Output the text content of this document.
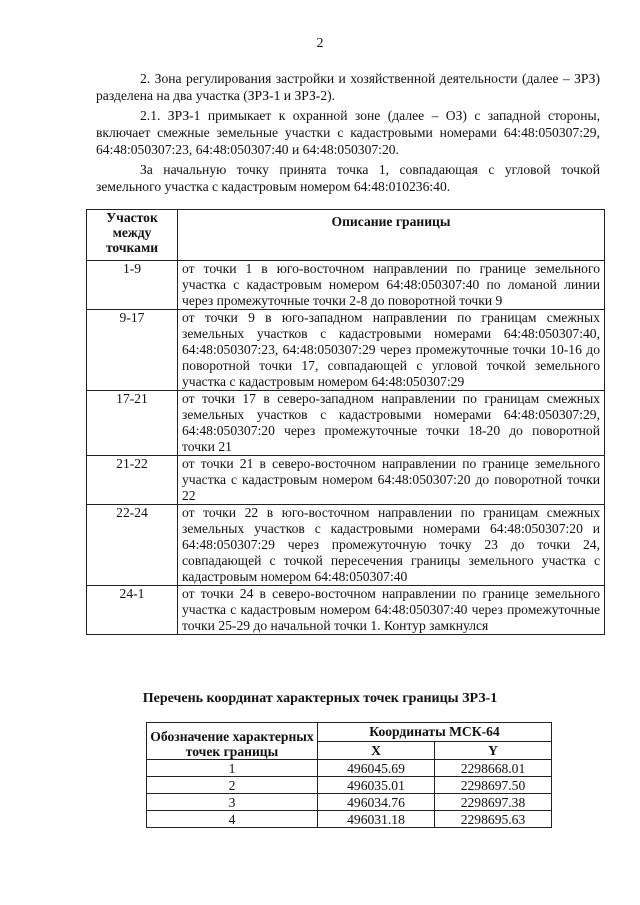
2
2. Зона регулирования застройки и хозяйственной деятельности (далее – ЗРЗ) разделена на два участка (ЗРЗ-1 и ЗРЗ-2).
2.1. ЗРЗ-1 примыкает к охранной зоне (далее – ОЗ) с западной стороны, включает смежные земельные участки с кадастровыми номерами 64:48:050307:29, 64:48:050307:23, 64:48:050307:40 и 64:48:050307:20.
За начальную точку принята точка 1, совпадающая с угловой точкой земельного участка с кадастровым номером 64:48:010236:40.
Участок между точками	Описание границы
1-9	от точки 1 в юго-восточном направлении по границе земельного участка с кадастровым номером 64:48:050307:40 по ломаной линии через промежуточные точки 2-8 до поворотной точки 9
9-17	от точки 9 в юго-западном направлении по границам смежных земельных участков с кадастровыми номерами 64:48:050307:40, 64:48:050307:23, 64:48:050307:29 через промежуточные точки 10-16 до поворотной точки 17, совпадающей с угловой точкой земельного участка с кадастровым номером 64:48:050307:29
17-21	от точки 17 в северо-западном направлении по границам смежных земельных участков с кадастровыми номерами 64:48:050307:29, 64:48:050307:20 через промежуточные точки 18-20 до поворотной точки 21
21-22	от точки 21 в северо-восточном направлении по границе земельного участка с кадастровым номером 64:48:050307:20 до поворотной точки 22
22-24	от точки 22 в юго-восточном направлении по границам смежных земельных участков с кадастровыми номерами 64:48:050307:20 и 64:48:050307:29 через промежуточную точку 23 до точки 24, совпадающей с точкой пересечения границы земельного участка с кадастровым номером 64:48:050307:40
24-1	от точки 24 в северо-восточном направлении по границе земельного участка с кадастровым номером 64:48:050307:40 через промежуточные точки 25-29 до начальной точки 1. Контур замкнулся
Перечень координат характерных точек границы ЗРЗ-1
Обозначение характерных точек границы	Координаты МСК-64	
	X	Y
1	496045.69	2298668.01
2	496035.01	2298697.50
3	496034.76	2298697.38
4	496031.18	2298695.63
